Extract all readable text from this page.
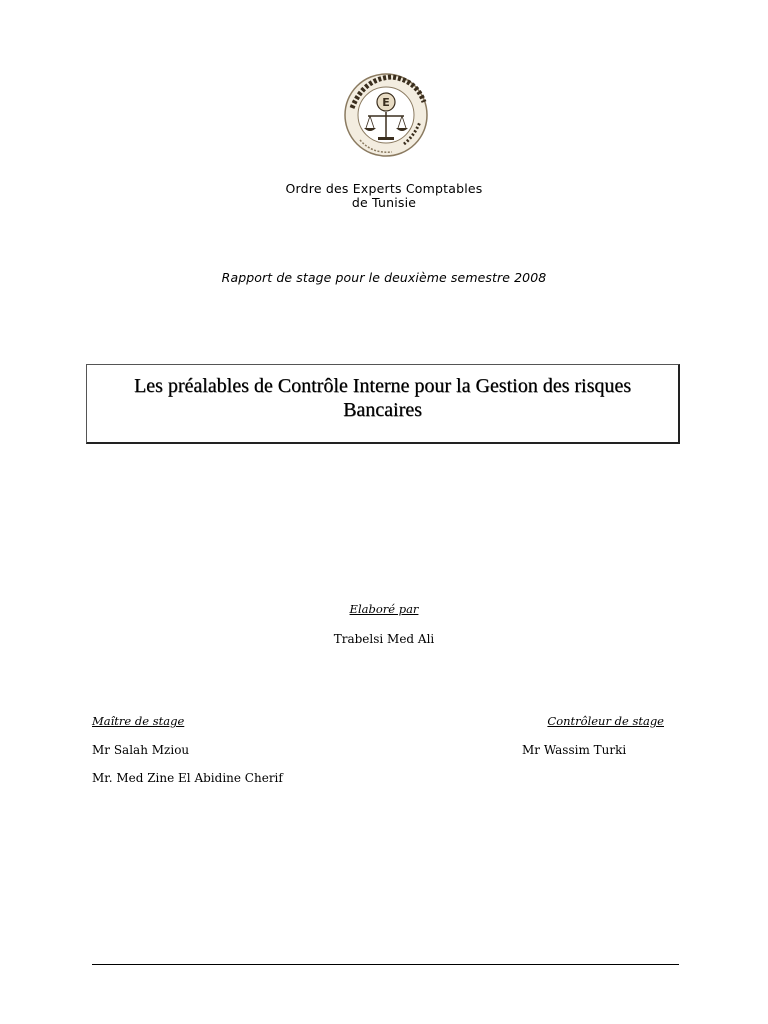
E
Ordre des Experts Comptables
de Tunisie
Rapport de stage pour le deuxième semestre 2008
Les préalables de Contrôle Interne pour la Gestion des risques
Bancaires
Elaboré par
Trabelsi Med Ali
Maître de stage	Contrôleur de stage
Mr Salah Mziou
Mr. Med Zine El Abidine Cherif
Mr Wassim Turki
